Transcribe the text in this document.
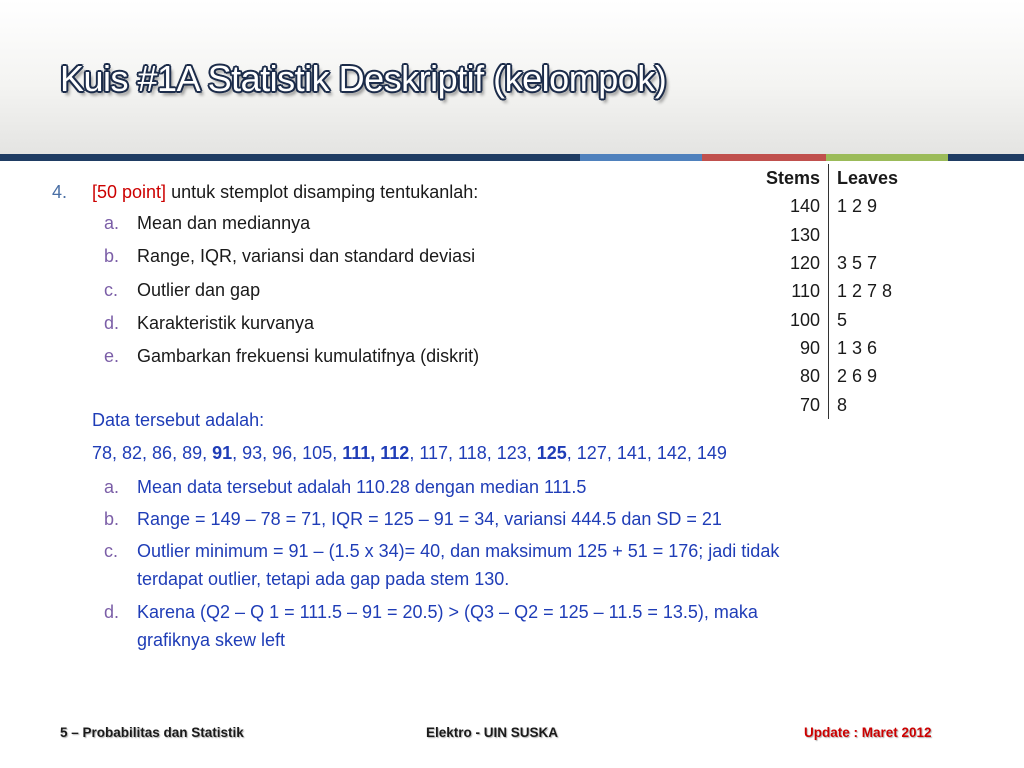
Kuis #1A Statistik Deskriptif (kelompok)
4. [50 point] untuk stemplot disamping tentukanlah:
a. Mean dan mediannya
b. Range, IQR, variansi dan standard deviasi
c. Outlier dan gap
d. Karakteristik kurvanya
e. Gambarkan frekuensi kumulatifnya (diskrit)
Data tersebut adalah:
78, 82, 86, 89, 91, 93, 96, 105, 111, 112, 117, 118, 123, 125, 127, 141, 142, 149
a. Mean data tersebut adalah 110.28 dengan median 111.5
b. Range = 149 – 78 = 71, IQR = 125 – 91 = 34, variansi 444.5 dan SD = 21
c. Outlier minimum = 91 – (1.5 x 34)= 40, dan maksimum 125 + 51 = 176; jadi tidak
terdapat outlier, tetapi ada gap pada stem 130.
d. Karena (Q2 – Q 1 = 111.5 – 91 = 20.5) > (Q3 – Q2 = 125 – 11.5 = 13.5), maka
grafiknya skew left
Stems	Leaves
140	1 2 9
130	
120	3 5 7
110	1 2 7 8
100	5
90	1 3 6
80	2 6 9
70	8
5 – Probabilitas dan Statistik	Elektro - UIN SUSKA	Update : Maret 2012
